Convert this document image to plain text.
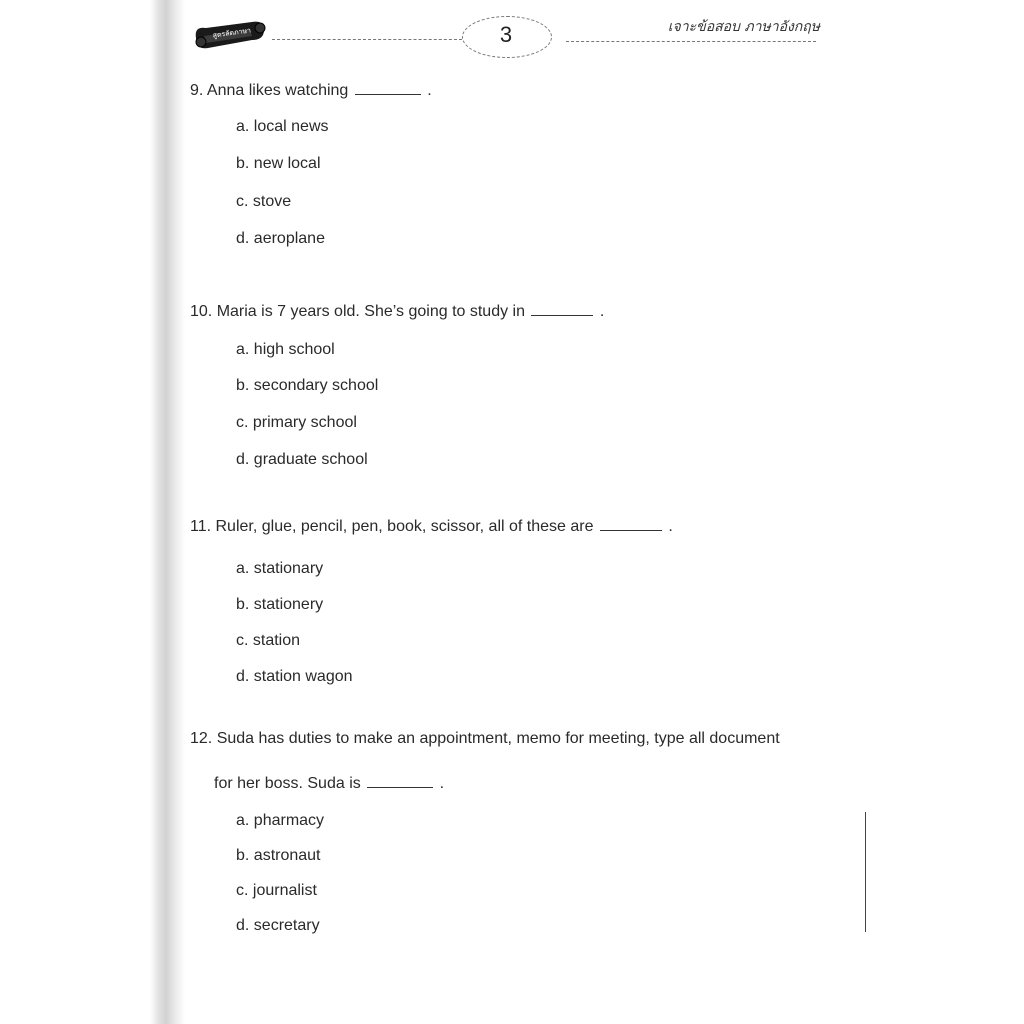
สูตรลัดภาษา	3	เจาะข้อสอบ ภาษาอังกฤษ
9. Anna likes watching	.
a. local news
b. new local
c. stove
d. aeroplane
10. Maria is 7 years old. She’s going to study in	.
a. high school
b. secondary school
c. primary school
d. graduate school
11. Ruler, glue, pencil, pen, book, scissor, all of these are	.
a. stationary
b. stationery
c. station
d. station wagon
12. Suda has duties to make an appointment, memo for meeting, type all document
for her boss. Suda is	.
a. pharmacy
b. astronaut
c. journalist
d. secretary
